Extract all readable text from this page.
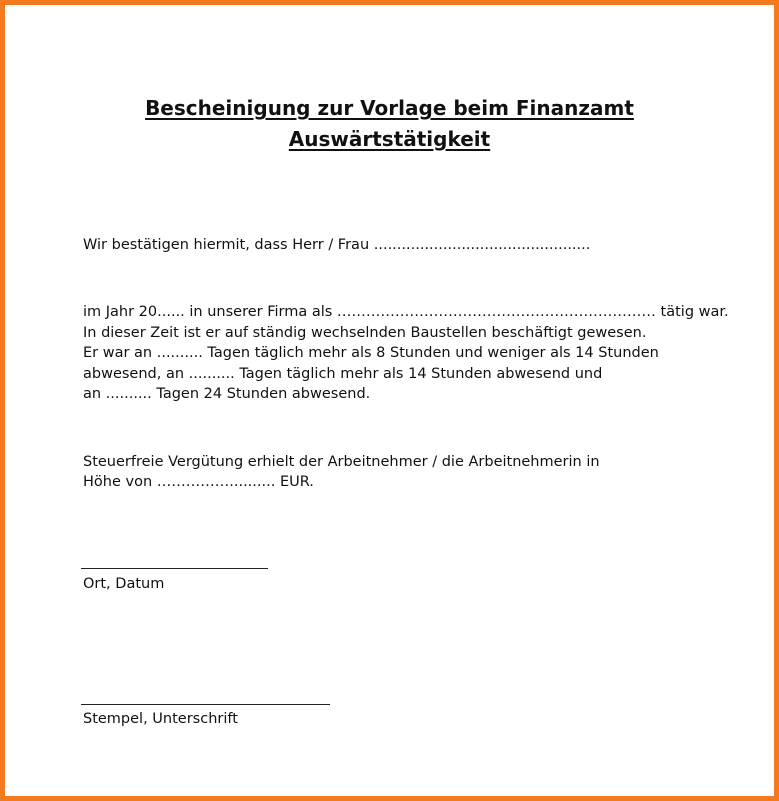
Bescheinigung zur Vorlage beim Finanzamt
Auswärtstätigkeit
Wir bestätigen hiermit, dass Herr / Frau ...............................................
im Jahr 20...... in unserer Firma als ………………………………………………………… tätig war.
In dieser Zeit ist er auf ständig wechselnden Baustellen beschäftigt gewesen.
Er war an .......... Tagen täglich mehr als 8 Stunden und weniger als 14 Stunden
abwesend, an .......... Tagen täglich mehr als 14 Stunden abwesend und
an .......... Tagen 24 Stunden abwesend.
Steuerfreie Vergütung erhielt der Arbeitnehmer / die Arbeitnehmerin in
Höhe von …………….......... EUR.
Ort, Datum
Stempel, Unterschrift
